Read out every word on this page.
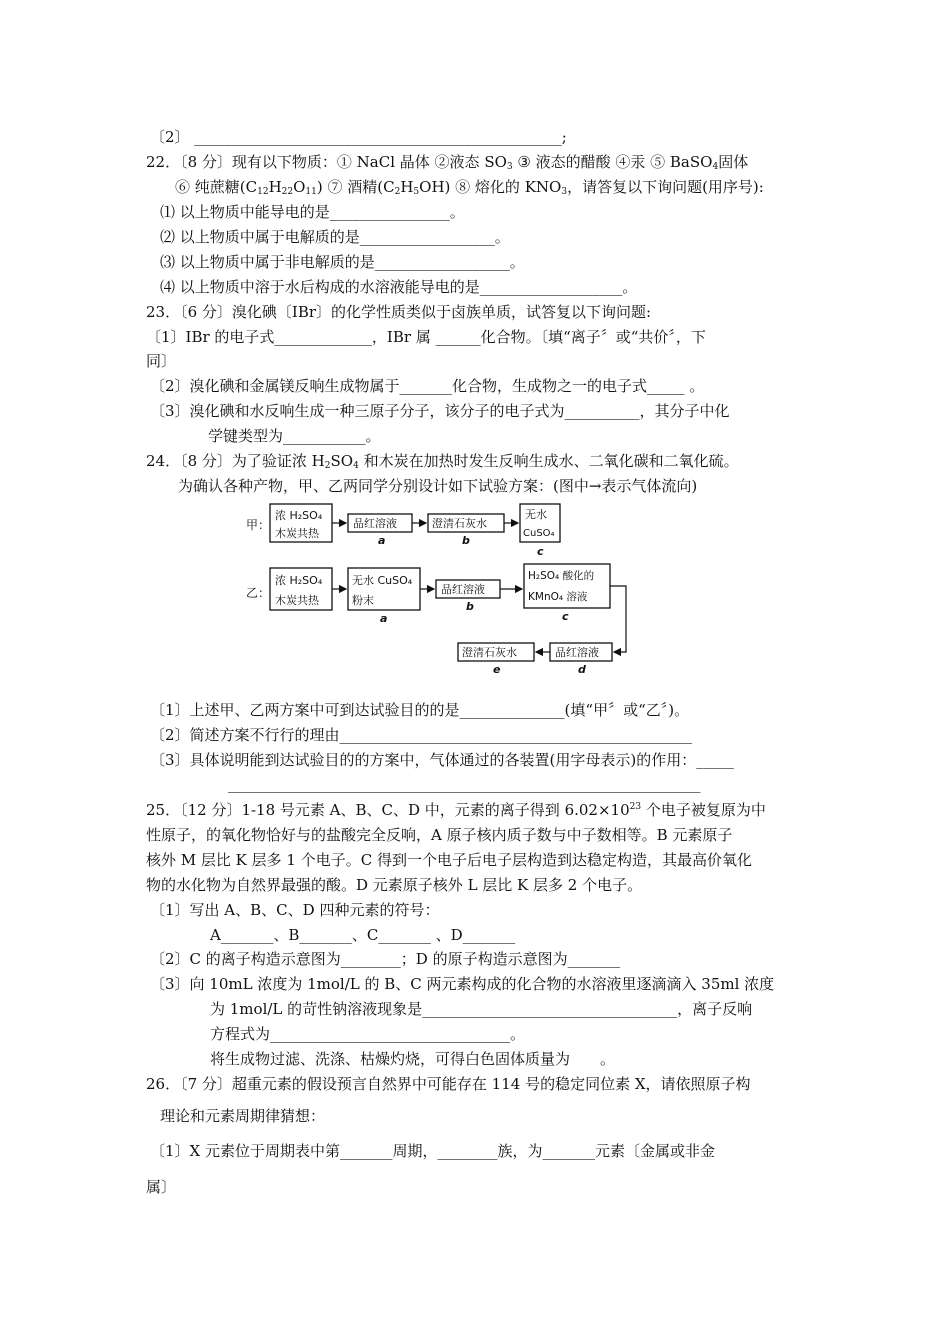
〔2〕 _________________________________________________;
22．〔8 分〕现有以下物质：① NaCl 晶体 ②液态 $SO_3$ ③ 液态的醋酸 ④汞 ⑤ BaSO$_4$固体
⑥ 纯蔗糖$(C_{12}H_{22}O_{11})$ ⑦ 酒精$(C_2H_5OH)$ ⑧ 熔化的 $KNO_3$，请答复以下询问题(用序号):
⑴ 以上物质中能导电的是________________。
⑵ 以上物质中属于电解质的是__________________。
⑶ 以上物质中属于非电解质的是__________________。
⑷ 以上物质中溶于水后构成的水溶液能导电的是___________________。
23．〔6 分〕溴化碘〔IBr〕的化学性质类似于卤族单质，试答复以下询问题:
〔1〕IBr 的电子式_____________，IBr 属 ______化合物。〔填“离子〞或“共价〞，下
同〕
〔2〕溴化碘和金属镁反响生成物属于_______化合物，生成物之一的电子式_____ 。
〔3〕溴化碘和水反响生成一种三原子分子，该分子的电子式为__________，其分子中化
学键类型为___________。
24．〔8 分〕为了验证浓 $H_2SO_4$ 和木炭在加热时发生反响生成水、二氧化碳和二氧化硫。
为确认各种产物，甲、乙两同学分别设计如下试验方案：(图中→表示气体流向)
甲：
浓 H₂SO₄
木炭共热
品红溶液
a
澄清石灰水
b
无水
CuSO₄
c
乙：
浓 H₂SO₄
木炭共热
无水 CuSO₄
粉末
a
品红溶液
b
H₂SO₄ 酸化的
KMnO₄ 溶液
c
品红溶液
d
澄清石灰水
e
〔1〕上述甲、乙两方案中可到达试验目的的是______________(填“甲〞或“乙〞)。
〔2〕简述方案不行行的理由_______________________________________________
〔3〕具体说明能到达试验目的的方案中，气体通过的各装置(用字母表示)的作用：_____
_______________________________________________________________
25．〔12 分〕1-18 号元素 A、B、C、D 中，元素的离子得到 $6.02\times 10^{23}$ 个电子被复原为中
性原子，的氧化物恰好与的盐酸完全反响，A 原子核内质子数与中子数相等。B 元素原子
核外 M 层比 K 层多 1 个电子。C 得到一个电子后电子层构造到达稳定构造，其最高价氧化
物的水化物为自然界最强的酸。D 元素原子核外 L 层比 K 层多 2 个电子。
〔1〕写出 A、B、C、D 四种元素的符号：
A_______、B_______、C_______ 、D_______
〔2〕C 的离子构造示意图为________；D 的原子构造示意图为_______
〔3〕向 10mL 浓度为 1mol/L 的 B、C 两元素构成的化合物的水溶液里逐滴滴入 35ml 浓度
为 1mol/L 的苛性钠溶液现象是__________________________________，离子反响
方程式为________________________________。
将生成物过滤、洗涤、枯燥灼烧，可得白色固体质量为　　。
26．〔7 分〕超重元素的假设预言自然界中可能存在 114 号的稳定同位素 X，请依照原子构
理论和元素周期律猜想：
〔1〕X 元素位于周期表中第_______周期，________族，为_______元素〔金属或非金
属〕
